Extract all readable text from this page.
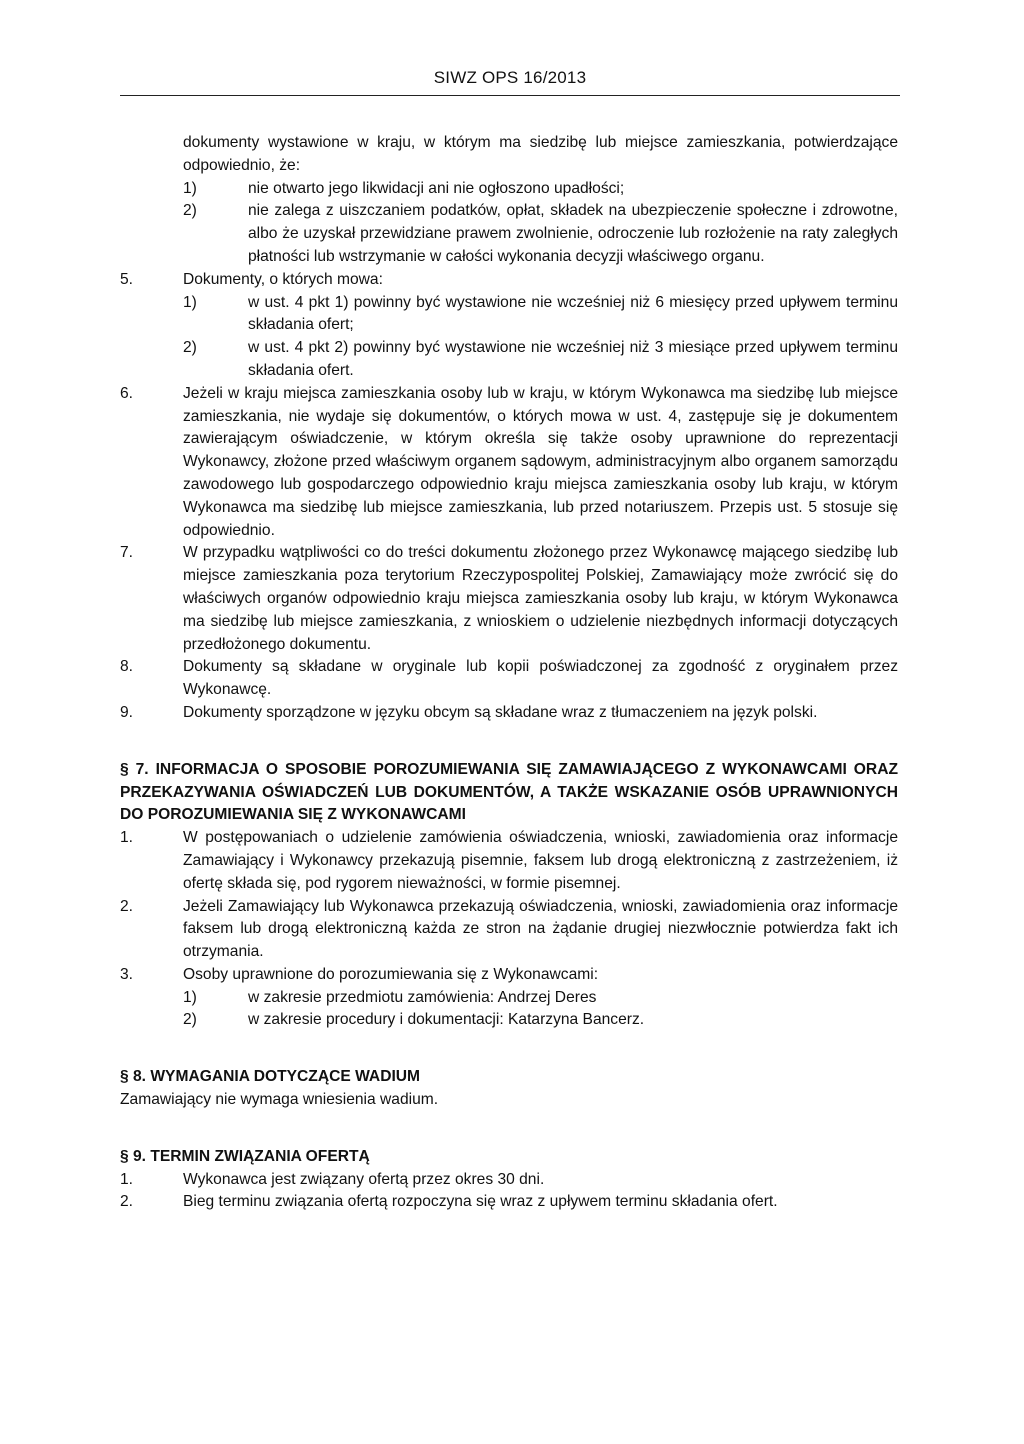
SIWZ OPS 16/2013
dokumenty wystawione w kraju, w którym ma siedzibę lub miejsce zamieszkania, potwierdzające odpowiednio, że:
1)	nie otwarto jego likwidacji ani nie ogłoszono upadłości;
2)	nie zalega z uiszczaniem podatków, opłat, składek na ubezpieczenie społeczne i zdrowotne, albo że uzyskał przewidziane prawem zwolnienie, odroczenie lub rozłożenie na raty zaległych płatności lub wstrzymanie w całości wykonania decyzji właściwego organu.
5.	Dokumenty, o których mowa:
1)	w ust. 4 pkt 1) powinny być wystawione nie wcześniej niż 6 miesięcy przed upływem terminu składania ofert;
2)	w ust. 4 pkt 2) powinny być wystawione nie wcześniej niż 3 miesiące przed upływem terminu składania ofert.
6.	Jeżeli w kraju miejsca zamieszkania osoby lub w kraju, w którym Wykonawca ma siedzibę lub miejsce zamieszkania, nie wydaje się dokumentów, o których mowa w ust. 4, zastępuje się je dokumentem zawierającym oświadczenie, w którym określa się także osoby uprawnione do reprezentacji Wykonawcy, złożone przed właściwym organem sądowym, administracyjnym albo organem samorządu zawodowego lub gospodarczego odpowiednio kraju miejsca zamieszkania osoby lub kraju, w którym Wykonawca ma siedzibę lub miejsce zamieszkania, lub przed notariuszem. Przepis ust. 5 stosuje się odpowiednio.
7.	W przypadku wątpliwości co do treści dokumentu złożonego przez Wykonawcę mającego siedzibę lub miejsce zamieszkania poza terytorium Rzeczypospolitej Polskiej, Zamawiający może zwrócić się do właściwych organów odpowiednio kraju miejsca zamieszkania osoby lub kraju, w którym Wykonawca ma siedzibę lub miejsce zamieszkania, z wnioskiem o udzielenie niezbędnych informacji dotyczących przedłożonego dokumentu.
8.	Dokumenty są składane w oryginale lub kopii poświadczonej za zgodność z oryginałem przez Wykonawcę.
9.	Dokumenty sporządzone w języku obcym są składane wraz z tłumaczeniem na język polski.
§ 7. INFORMACJA O SPOSOBIE POROZUMIEWANIA SIĘ ZAMAWIAJĄCEGO Z WYKONAWCAMI ORAZ PRZEKAZYWANIA OŚWIADCZEŃ LUB DOKUMENTÓW, A TAKŻE WSKAZANIE OSÓB UPRAWNIONYCH DO POROZUMIEWANIA SIĘ Z WYKONAWCAMI
1.	W postępowaniach o udzielenie zamówienia oświadczenia, wnioski, zawiadomienia oraz informacje Zamawiający i Wykonawcy przekazują pisemnie, faksem lub drogą elektroniczną z zastrzeżeniem, iż ofertę składa się, pod rygorem nieważności, w formie pisemnej.
2.	Jeżeli Zamawiający lub Wykonawca przekazują oświadczenia, wnioski, zawiadomienia oraz informacje faksem lub drogą elektroniczną każda ze stron na żądanie drugiej niezwłocznie potwierdza fakt ich otrzymania.
3.	Osoby uprawnione do porozumiewania się z Wykonawcami:
1)	w zakresie przedmiotu zamówienia: Andrzej Deres
2)	w zakresie procedury i dokumentacji: Katarzyna Bancerz.
§ 8. WYMAGANIA DOTYCZĄCE WADIUM
Zamawiający nie wymaga wniesienia wadium.
§ 9. TERMIN ZWIĄZANIA OFERTĄ
1.	Wykonawca jest związany ofertą przez okres 30 dni.
2.	Bieg terminu związania ofertą rozpoczyna się wraz z upływem terminu składania ofert.
